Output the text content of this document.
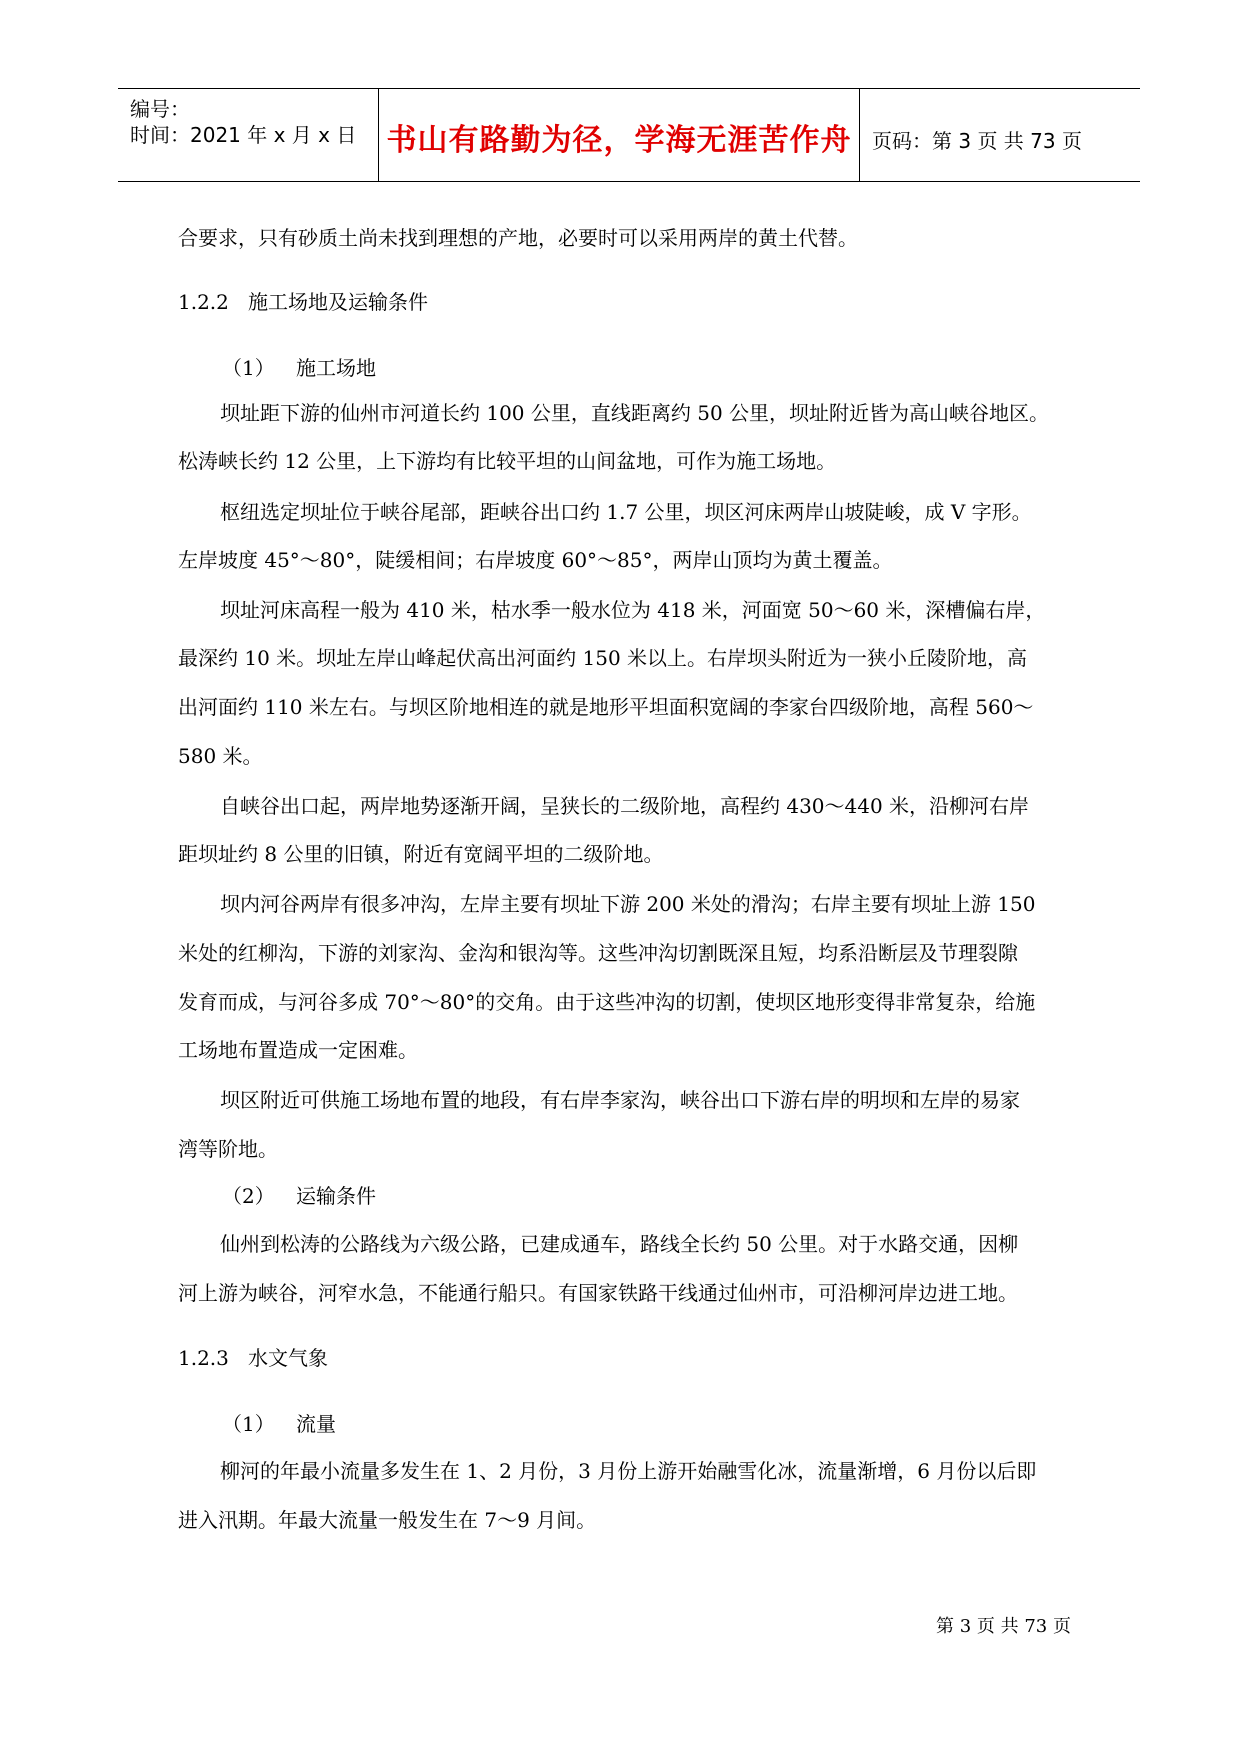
编号：
时间：2021 年 x 月 x 日 书山有路勤为径，学海无涯苦作舟	页码：第 3 页 共 73 页
合要求，只有砂质土尚未找到理想的产地，必要时可以采用两岸的黄土代替。
1.2.2 施工场地及运输条件
（1） 施工场地
坝址距下游的仙州市河道长约 100 公里，直线距离约 50 公里，坝址附近皆为高山峡谷地区。
松涛峡长约 12 公里，上下游均有比较平坦的山间盆地，可作为施工场地。
枢纽选定坝址位于峡谷尾部，距峡谷出口约 1.7 公里，坝区河床两岸山坡陡峻，成 V 字形。
左岸坡度 45°～80°，陡缓相间；右岸坡度 60°～85°，两岸山顶均为黄土覆盖。
坝址河床高程一般为 410 米，枯水季一般水位为 418 米，河面宽 50～60 米，深槽偏右岸，
最深约 10 米。坝址左岸山峰起伏高出河面约 150 米以上。右岸坝头附近为一狭小丘陵阶地，高
出河面约 110 米左右。与坝区阶地相连的就是地形平坦面积宽阔的李家台四级阶地，高程 560～
580 米。
自峡谷出口起，两岸地势逐渐开阔，呈狭长的二级阶地，高程约 430～440 米，沿柳河右岸
距坝址约 8 公里的旧镇，附近有宽阔平坦的二级阶地。
坝内河谷两岸有很多冲沟，左岸主要有坝址下游 200 米处的滑沟；右岸主要有坝址上游 150
米处的红柳沟，下游的刘家沟、金沟和银沟等。这些冲沟切割既深且短，均系沿断层及节理裂隙
发育而成，与河谷多成 70°～80°的交角。由于这些冲沟的切割，使坝区地形变得非常复杂，给施
工场地布置造成一定困难。
坝区附近可供施工场地布置的地段，有右岸李家沟，峡谷出口下游右岸的明坝和左岸的易家
湾等阶地。
（2） 运输条件
仙州到松涛的公路线为六级公路，已建成通车，路线全长约 50 公里。对于水路交通，因柳
河上游为峡谷，河窄水急，不能通行船只。有国家铁路干线通过仙州市，可沿柳河岸边进工地。
1.2.3 水文气象
（1） 流量
柳河的年最小流量多发生在 1、2 月份，3 月份上游开始融雪化冰，流量渐增，6 月份以后即
进入汛期。年最大流量一般发生在 7～9 月间。
第 3 页 共 73 页
